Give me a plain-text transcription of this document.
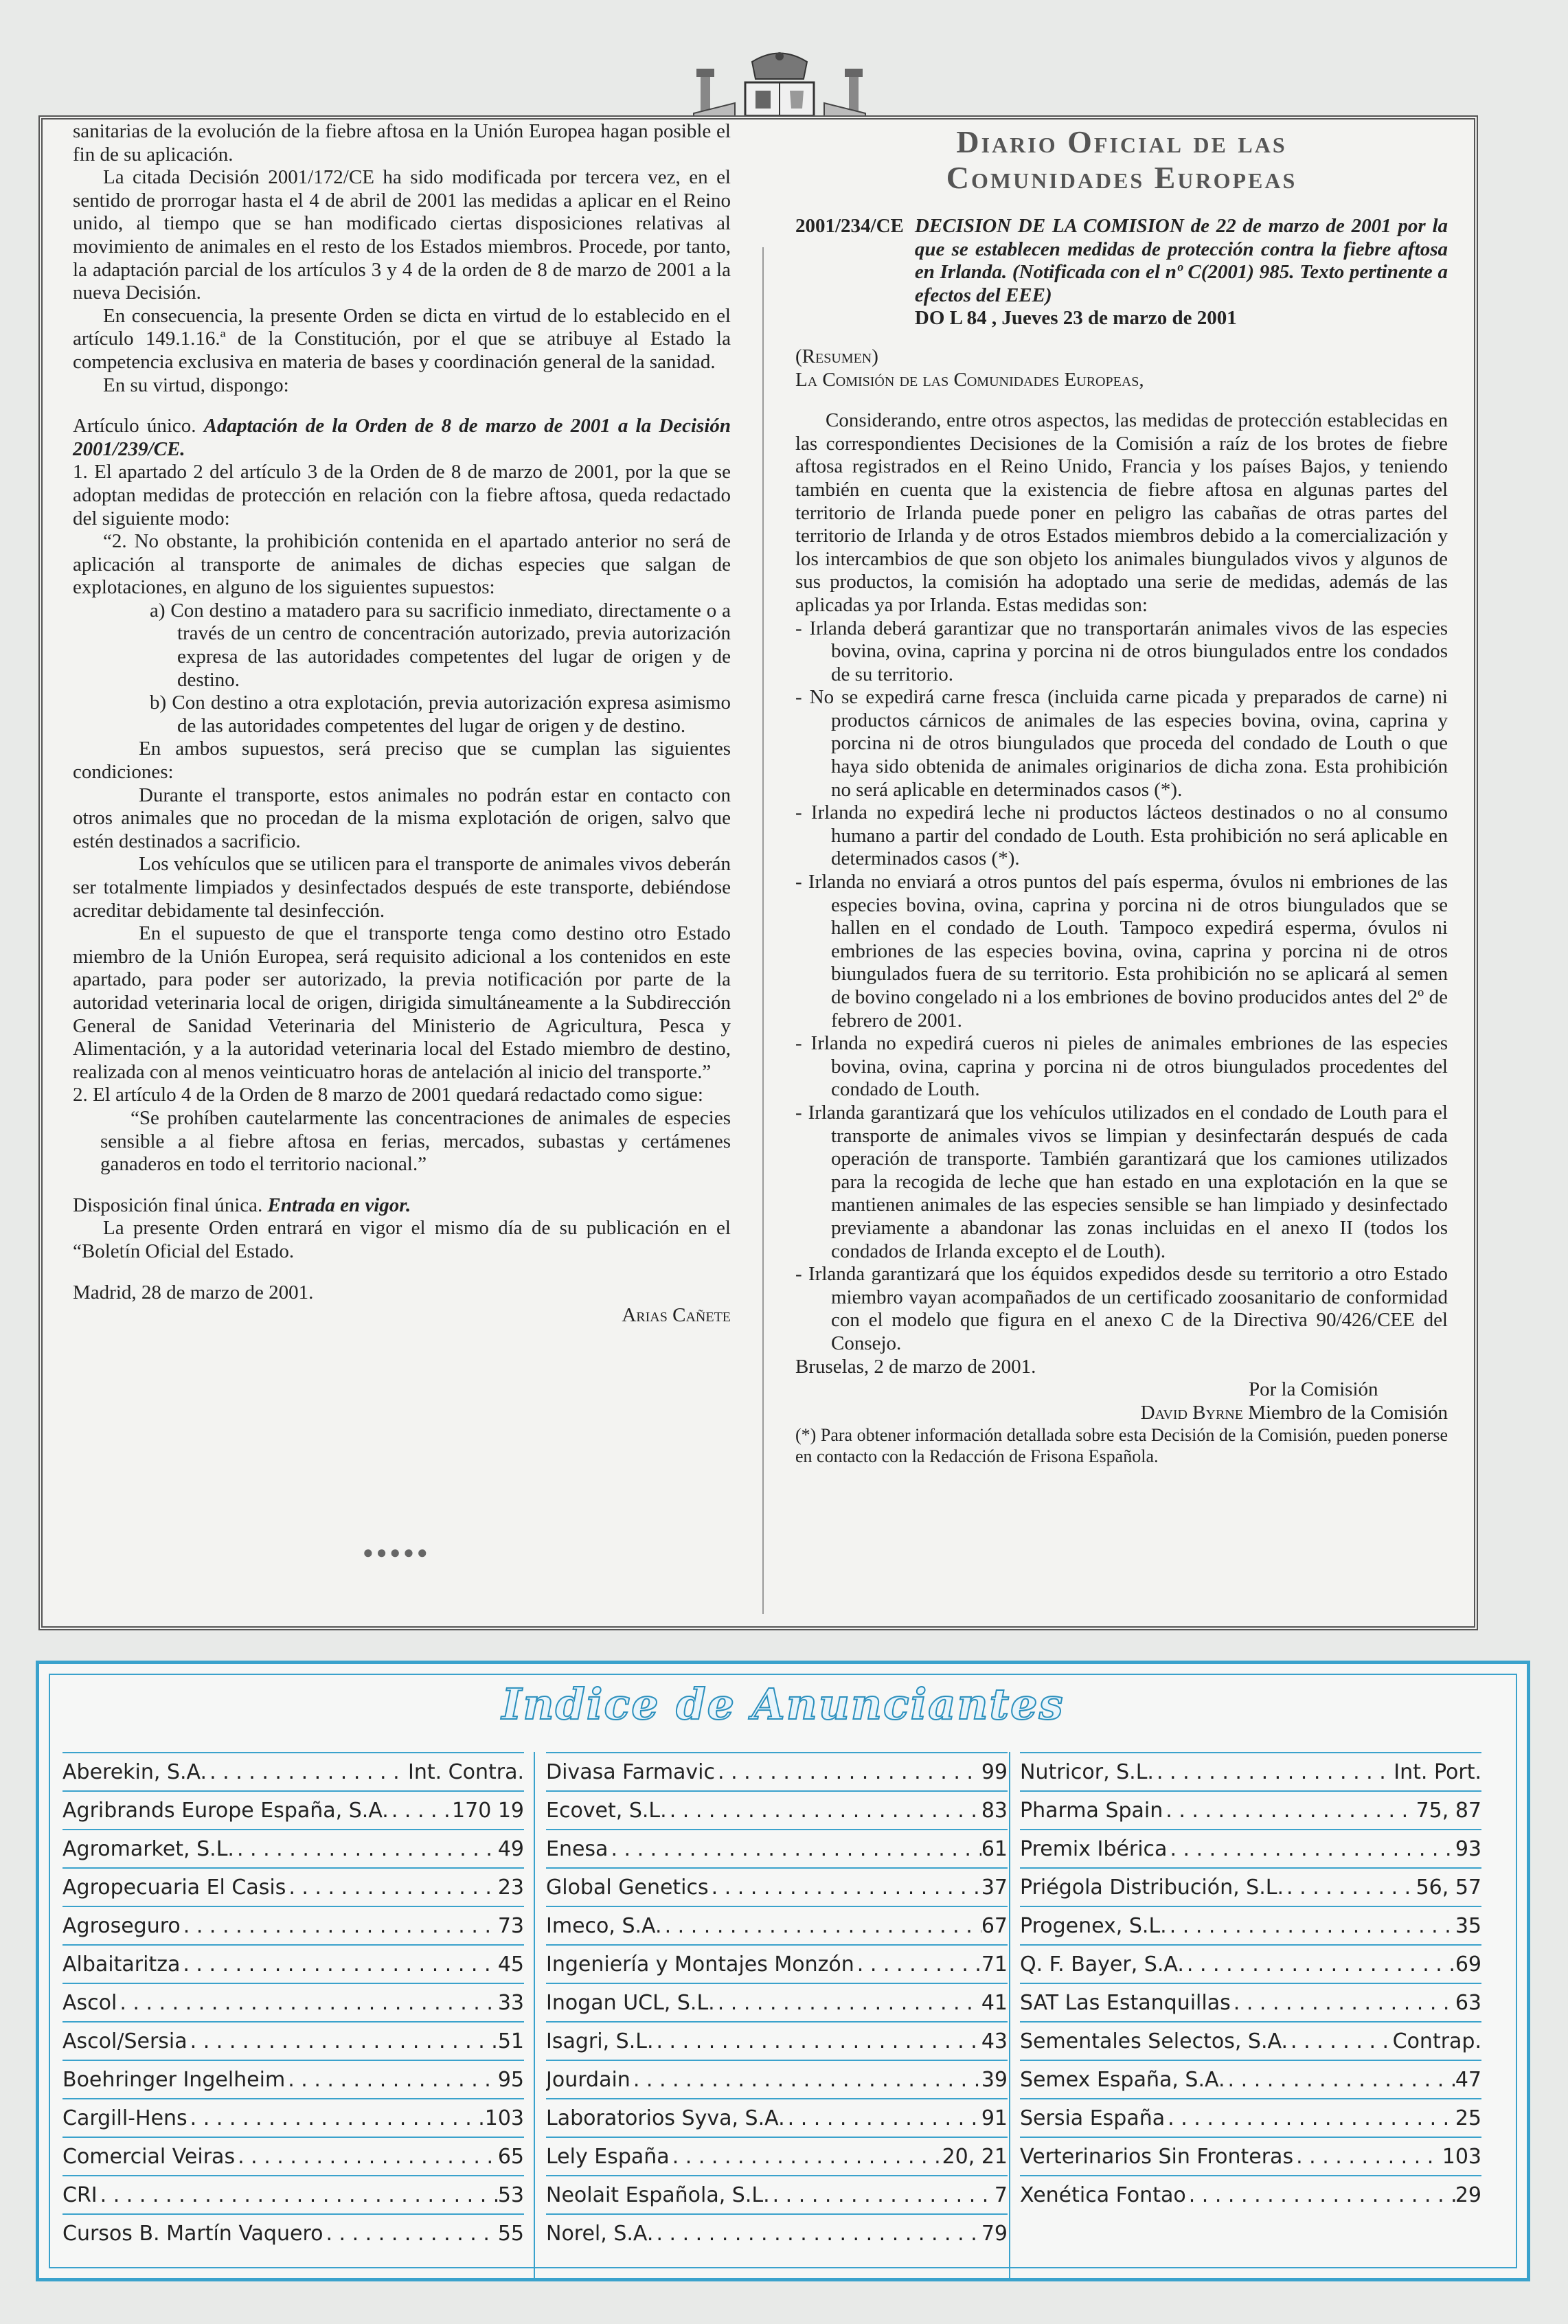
sanitarias de la evolución de la fiebre aftosa en la Unión Europea hagan posible el fin de su aplicación.

La citada Decisión 2001/172/CE ha sido modificada por tercera vez, en el sentido de prorrogar hasta el 4 de abril de 2001 las medidas a aplicar en el Reino unido, al tiempo que se han modificado ciertas disposiciones relativas al movimiento de animales en el resto de los Estados miembros. Procede, por tanto, la adaptación parcial de los artículos 3 y 4 de la orden de 8 de marzo de 2001 a la nueva Decisión.

En consecuencia, la presente Orden se dicta en virtud de lo establecido en el artículo 149.1.16.ª de la Constitución, por el que se atribuye al Estado la competencia exclusiva en materia de bases y coordinación general de la sanidad.

En su virtud, dispongo:

Artículo único. Adaptación de la Orden de 8 de marzo de 2001 a la Decisión 2001/239/CE.

1. El apartado 2 del artículo 3 de la Orden de 8 de marzo de 2001, por la que se adoptan medidas de protección en relación con la fiebre aftosa, queda redactado del siguiente modo:

“2. No obstante, la prohibición contenida en el apartado anterior no será de aplicación al transporte de animales de dichas especies que salgan de explotaciones, en alguno de los siguientes supuestos:

a) Con destino a matadero para su sacrificio inmediato, directamente o a través de un centro de concentración autorizado, previa autorización expresa de las autoridades competentes del lugar de origen y de destino.

b) Con destino a otra explotación, previa autorización expresa asimismo de las autoridades competentes del lugar de origen y de destino.

En ambos supuestos, será preciso que se cumplan las siguientes condiciones:

Durante el transporte, estos animales no podrán estar en contacto con otros animales que no procedan de la misma explotación de origen, salvo que estén destinados a sacrificio.

Los vehículos que se utilicen para el transporte de animales vivos deberán ser totalmente limpiados y desinfectados después de este transporte, debiéndose acreditar debidamente tal desinfección.

En el supuesto de que el transporte tenga como destino otro Estado miembro de la Unión Europea, será requisito adicional a los contenidos en este apartado, para poder ser autorizado, la previa notificación por parte de la autoridad veterinaria local de origen, dirigida simultáneamente a la Subdirección General de Sanidad Veterinaria del Ministerio de Agricultura, Pesca y Alimentación, y a la autoridad veterinaria local del Estado miembro de destino, realizada con al menos veinticuatro horas de antelación al inicio del transporte.”

2. El artículo 4 de la Orden de 8 marzo de 2001 quedará redactado como sigue:

“Se prohíben cautelarmente las concentraciones de animales de especies sensible a al fiebre aftosa en ferias, mercados, subastas y certámenes ganaderos en todo el territorio nacional.”

Disposición final única. Entrada en vigor.

La presente Orden entrará en vigor el mismo día de su publicación en el “Boletín Oficial del Estado.

Madrid, 28 de marzo de 2001.

Arias Cañete

●●●●●
Diario Oficial de las
Comunidades Europeas
2001/234/CE DECISION DE LA COMISION de 22 de marzo de 2001 por la que se establecen medidas de protección contra la fiebre aftosa en Irlanda. (Notificada con el nº C(2001) 985. Texto pertinente a efectos del EEE)

DO L 84 , Jueves 23 de marzo de 2001

(Resumen)

La Comisión de las Comunidades Europeas,

Considerando, entre otros aspectos, las medidas de protección establecidas en las correspondientes Decisiones de la Comisión a raíz de los brotes de fiebre aftosa registrados en el Reino Unido, Francia y los países Bajos, y teniendo también en cuenta que la existencia de fiebre aftosa en algunas partes del territorio de Irlanda puede poner en peligro las cabañas de otras partes del territorio de Irlanda y de otros Estados miembros debido a la comercialización y los intercambios de que son objeto los animales biungulados vivos y algunos de sus productos, la comisión ha adoptado una serie de medidas, además de las aplicadas ya por Irlanda. Estas medidas son:

- Irlanda deberá garantizar que no transportarán animales vivos de las especies bovina, ovina, caprina y porcina ni de otros biungulados entre los condados de su territorio.

- No se expedirá carne fresca (incluida carne picada y preparados de carne) ni productos cárnicos de animales de las especies bovina, ovina, caprina y porcina ni de otros biungulados que proceda del condado de Louth o que haya sido obtenida de animales originarios de dicha zona. Esta prohibición no será aplicable en determinados casos (*).

- Irlanda no expedirá leche ni productos lácteos destinados o no al consumo humano a partir del condado de Louth. Esta prohibición no será aplicable en determinados casos (*).

- Irlanda no enviará a otros puntos del país esperma, óvulos ni embriones de las especies bovina, ovina, caprina y porcina ni de otros biungulados que se hallen en el condado de Louth. Tampoco expedirá esperma, óvulos ni embriones de las especies bovina, ovina, caprina y porcina ni de otros biungulados fuera de su territorio. Esta prohibición no se aplicará al semen de bovino congelado ni a los embriones de bovino producidos antes del 2º de febrero de 2001.

- Irlanda no expedirá cueros ni pieles de animales embriones de las especies bovina, ovina, caprina y porcina ni de otros biungulados procedentes del condado de Louth.

- Irlanda garantizará que los vehículos utilizados en el condado de Louth para el transporte de animales vivos se limpian y desinfectarán después de cada operación de transporte. También garantizará que los camiones utilizados para la recogida de leche que han estado en una explotación en la que se mantienen animales de las especies sensible se han limpiado y desinfectado previamente a abandonar las zonas incluidas en el anexo II (todos los condados de Irlanda excepto el de Louth).

- Irlanda garantizará que los équidos expedidos desde su territorio a otro Estado miembro vayan acompañados de un certificado zoosanitario de conformidad con el modelo que figura en el anexo C de la Directiva 90/426/CEE del Consejo.

Bruselas, 2 de marzo de 2001.

Por la Comisión

David Byrne Miembro de la Comisión

(*) Para obtener información detallada sobre esta Decisión de la Comisión, pueden ponerse en contacto con la Redacción de Frisona Española.

Indice de Anunciantes
Aberekin, S.A. . . .	Int. Contra.
Agribrands Europe España, S.A. . . .	170 19
Agromarket, S.L. . . .	49
Agropecuaria El Casis . . .	23
Agroseguro . . .	73
Albaitaritza . . .	45
Ascol . . .	33
Ascol/Sersia . . .	51
Boehringer Ingelheim . . .	95
Cargill-Hens . . .	103
Comercial Veiras . . .	65
CRI . . .	53
Cursos B. Martín Vaquero . . .	55
Divasa Farmavic . . .	99
Ecovet, S.L. . . .	83
Enesa . . .	61
Global Genetics . . .	37
Imeco, S.A. . . .	67
Ingeniería y Montajes Monzón . . .	71
Inogan UCL, S.L. . . .	41
Isagri, S.L. . . .	43
Jourdain . . .	39
Laboratorios Syva, S.A. . . .	91
Lely España . . .	20, 21
Neolait Española, S.L. . . .	7
Norel, S.A. . . .	79
Nutricor, S.L. . . .	Int. Port.
Pharma Spain . . .	75, 87
Premix Ibérica . . .	93
Priégola Distribución, S.L. . . .	56, 57
Progenex, S.L. . . .	35
Q. F. Bayer, S.A. . . .	69
SAT Las Estanquillas . . .	63
Sementales Selectos, S.A. . . .	Contrap.
Semex España, S.A. . . .	47
Sersia España . . .	25
Verterinarios Sin Fronteras . . .	103
Xenética Fontao . . .	29
